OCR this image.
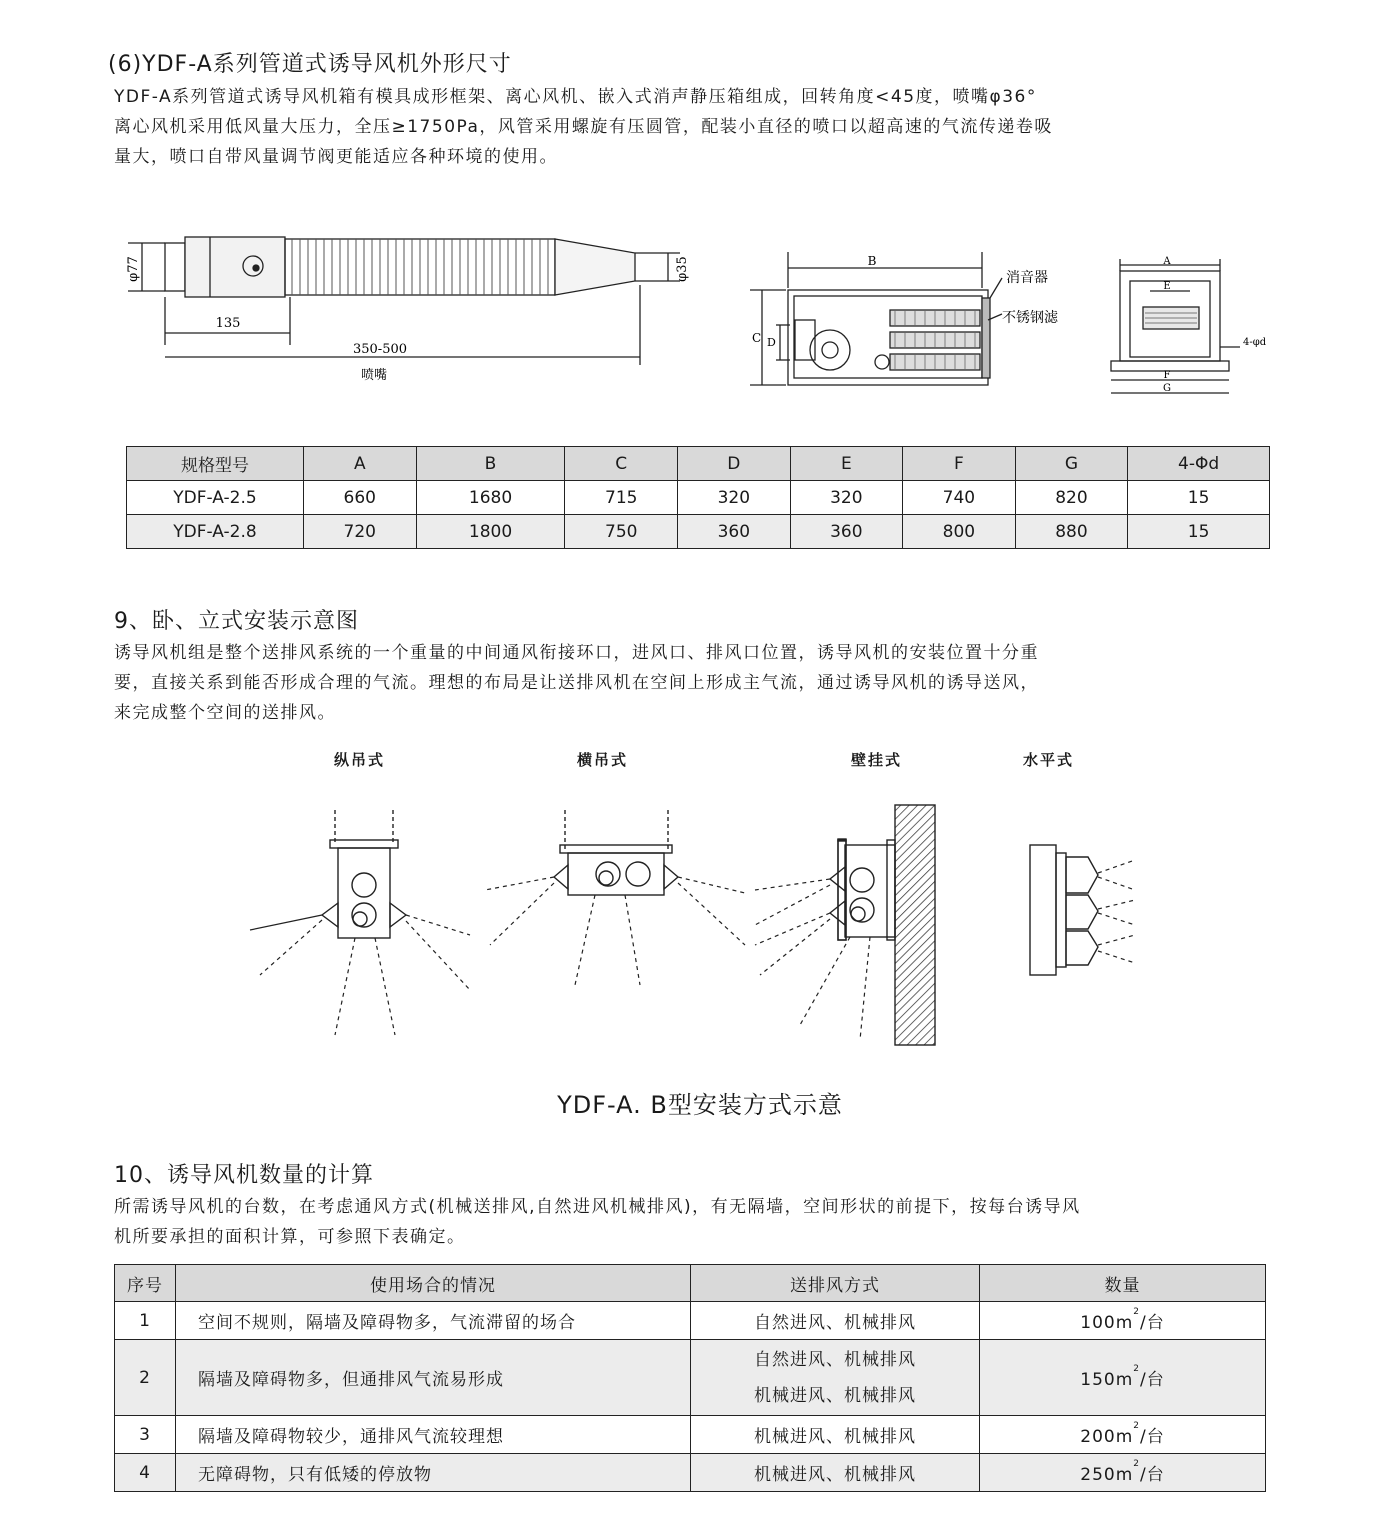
(6)YDF-A系列管道式诱导风机外形尺寸
YDF-A系列管道式诱导风机箱有模具成形框架、离心风机、嵌入式消声静压箱组成，回转角度<45度，喷嘴φ36°
离心风机采用低风量大压力，全压≥1750Pa，风管采用螺旋有压圆管，配装小直径的喷口以超高速的气流传递卷吸
量大，喷口自带风量调节阀更能适应各种环境的使用。
φ77	φ35
135
350-500
喷嘴
B
C D
消音器
不锈钢滤
A
E
F
G
4-φd
规格型号	A	B	C	D	E	F	G	4-Φd
YDF-A-2.5	660	1680	715	320	320	740	820	15
YDF-A-2.8	720	1800	750	360	360	800	880	15
9、卧、立式安装示意图
诱导风机组是整个送排风系统的一个重量的中间通风衔接环口，进风口、排风口位置，诱导风机的安装位置十分重
要，直接关系到能否形成合理的气流。理想的布局是让送排风机在空间上形成主气流，通过诱导风机的诱导送风，
来完成整个空间的送排风。
纵吊式	横吊式	壁挂式	水平式
YDF-A. B型安装方式示意
10、诱导风机数量的计算
所需诱导风机的台数，在考虑通风方式(机械送排风,自然进风机械排风)，有无隔墙，空间形状的前提下，按每台诱导风
机所要承担的面积计算，可参照下表确定。
序号	使用场合的情况	送排风方式	数量
1	空间不规则，隔墙及障碍物多，气流滞留的场合	自然进风、机械排风	$100m^2/$台
2	隔墙及障碍物多，但通排风气流易形成	自然进风、机械排风
机械进风、机械排风	$150m^2/$台
3	隔墙及障碍物较少，通排风气流较理想	机械进风、机械排风	$200m^2/$台
4	无障碍物，只有低矮的停放物	机械进风、机械排风	$250m^2/$台
